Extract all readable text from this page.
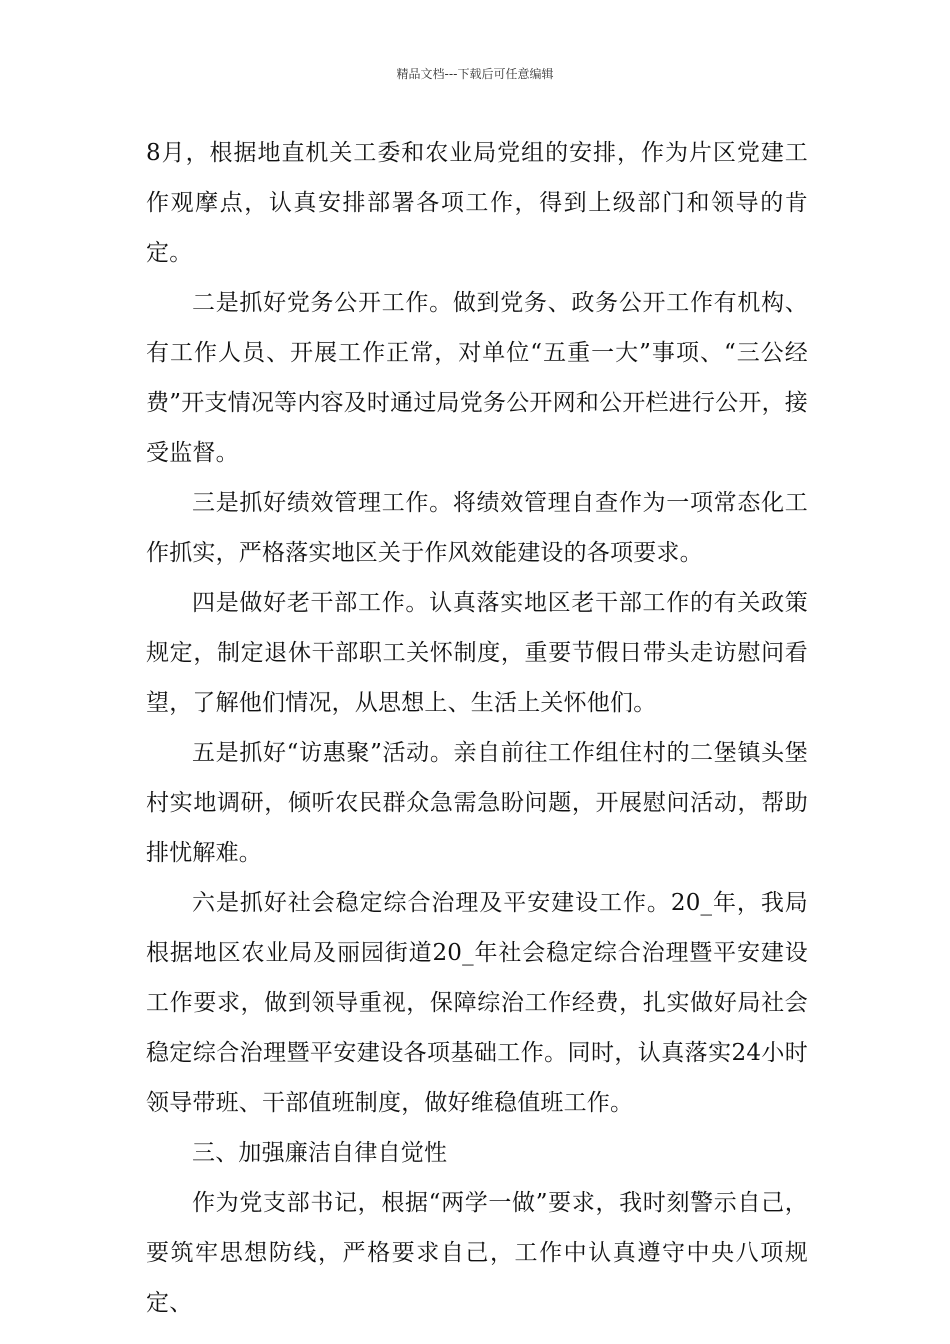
精品文档---下载后可任意编辑

8月，根据地直机关工委和农业局党组的安排，作为片区党建工作观摩点，认真安排部署各项工作，得到上级部门和领导的肯定。

二是抓好党务公开工作。做到党务、政务公开工作有机构、有工作人员、开展工作正常，对单位“五重一大”事项、“三公经费”开支情况等内容及时通过局党务公开网和公开栏进行公开，接受监督。

三是抓好绩效管理工作。将绩效管理自查作为一项常态化工作抓实，严格落实地区关于作风效能建设的各项要求。

四是做好老干部工作。认真落实地区老干部工作的有关政策规定，制定退休干部职工关怀制度，重要节假日带头走访慰问看望，了解他们情况，从思想上、生活上关怀他们。

五是抓好“访惠聚”活动。亲自前往工作组住村的二堡镇头堡村实地调研，倾听农民群众急需急盼问题，开展慰问活动，帮助排忧解难。

六是抓好社会稳定综合治理及平安建设工作。20_年，我局根据地区农业局及丽园街道20_年社会稳定综合治理暨平安建设工作要求，做到领导重视，保障综治工作经费，扎实做好局社会稳定综合治理暨平安建设各项基础工作。同时，认真落实24小时领导带班、干部值班制度，做好维稳值班工作。

三、加强廉洁自律自觉性

作为党支部书记，根据“两学一做”要求，我时刻警示自己，要筑牢思想防线，严格要求自己，工作中认真遵守中央八项规定、
